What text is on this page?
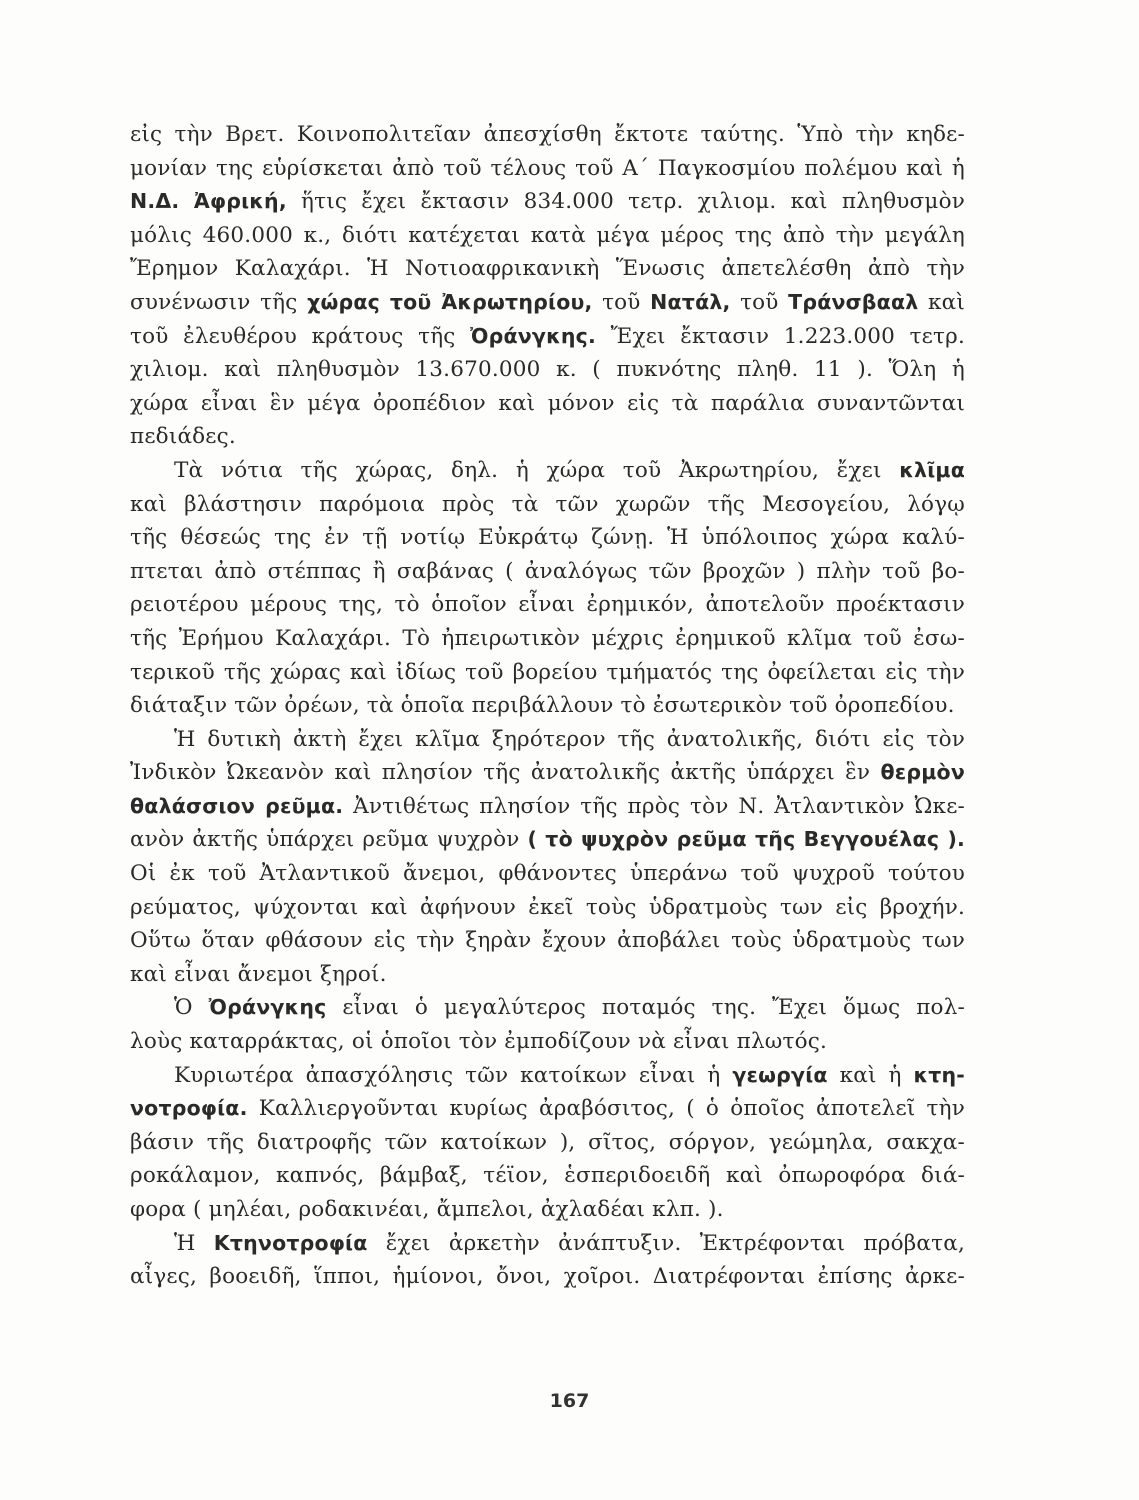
εἰς τὴν Βρετ. Κοινοπολιτεῖαν ἀπεσχίσθη ἔκτοτε ταύτης. Ὑπὸ τὴν κηδε-
μονίαν της εὑρίσκεται ἀπὸ τοῦ τέλους τοῦ Α΄ Παγκοσμίου πολέμου καὶ ἡ
Ν.Δ. Ἀφρική, ἥτις ἔχει ἔκτασιν 834.000 τετρ. χιλιομ. καὶ πληθυσμὸν
μόλις 460.000 κ., διότι κατέχεται κατὰ μέγα μέρος της ἀπὸ τὴν μεγάλη
Ἔρημον Καλαχάρι. Ἡ Νοτιοαφρικανικὴ Ἕνωσις ἀπετελέσθη ἀπὸ τὴν
συνένωσιν τῆς χώρας τοῦ Ἀκρωτηρίου, τοῦ Νατάλ, τοῦ Τράνσβααλ καὶ
τοῦ ἐλευθέρου κράτους τῆς Ὀράνγκης. Ἔχει ἔκτασιν 1.223.000 τετρ.
χιλιομ. καὶ πληθυσμὸν 13.670.000 κ. ( πυκνότης πληθ. 11 ). Ὅλη ἡ
χώρα εἶναι ἓν μέγα ὀροπέδιον καὶ μόνον εἰς τὰ παράλια συναντῶνται
πεδιάδες.
Τὰ νότια τῆς χώρας, δηλ. ἡ χώρα τοῦ Ἀκρωτηρίου, ἔχει κλῖμα
καὶ βλάστησιν παρόμοια πρὸς τὰ τῶν χωρῶν τῆς Μεσογείου, λόγῳ
τῆς θέσεώς της ἐν τῇ νοτίῳ Εὐκράτῳ ζώνῃ. Ἡ ὑπόλοιπος χώρα καλύ-
πτεται ἀπὸ στέππας ἢ σαβάνας ( ἀναλόγως τῶν βροχῶν ) πλὴν τοῦ βο-
ρειοτέρου μέρους της, τὸ ὁποῖον εἶναι ἐρημικόν, ἀποτελοῦν προέκτασιν
τῆς Ἐρήμου Καλαχάρι. Τὸ ἠπειρωτικὸν μέχρις ἐρημικοῦ κλῖμα τοῦ ἐσω-
τερικοῦ τῆς χώρας καὶ ἰδίως τοῦ βορείου τμήματός της ὀφείλεται εἰς τὴν
διάταξιν τῶν ὀρέων, τὰ ὁποῖα περιβάλλουν τὸ ἐσωτερικὸν τοῦ ὀροπεδίου.
Ἡ δυτικὴ ἀκτὴ ἔχει κλῖμα ξηρότερον τῆς ἀνατολικῆς, διότι εἰς τὸν
Ἰνδικὸν Ὠκεανὸν καὶ πλησίον τῆς ἀνατολικῆς ἀκτῆς ὑπάρχει ἓν θερμὸν
θαλάσσιον ρεῦμα. Ἀντιθέτως πλησίον τῆς πρὸς τὸν Ν. Ἀτλαντικὸν Ὠκε-
ανὸν ἀκτῆς ὑπάρχει ρεῦμα ψυχρὸν ( τὸ ψυχρὸν ρεῦμα τῆς Βεγγουέλας ).
Οἱ ἐκ τοῦ Ἀτλαντικοῦ ἄνεμοι, φθάνοντες ὑπεράνω τοῦ ψυχροῦ τούτου
ρεύματος, ψύχονται καὶ ἀφήνουν ἐκεῖ τοὺς ὑδρατμοὺς των εἰς βροχήν.
Οὕτω ὅταν φθάσουν εἰς τὴν ξηρὰν ἔχουν ἀποβάλει τοὺς ὑδρατμοὺς των
καὶ εἶναι ἄνεμοι ξηροί.
Ὁ Ὀράνγκης εἶναι ὁ μεγαλύτερος ποταμός της. Ἔχει ὅμως πολ-
λοὺς καταρράκτας, οἱ ὁποῖοι τὸν ἐμποδίζουν νὰ εἶναι πλωτός.
Κυριωτέρα ἀπασχόλησις τῶν κατοίκων εἶναι ἡ γεωργία καὶ ἡ κτη-
νοτροφία. Καλλιεργοῦνται κυρίως ἀραβόσιτος, ( ὁ ὁποῖος ἀποτελεῖ τὴν
βάσιν τῆς διατροφῆς τῶν κατοίκων ), σῖτος, σόργον, γεώμηλα, σακχα-
ροκάλαμον, καπνός, βάμβαξ, τέϊον, ἑσπεριδοειδῆ καὶ ὀπωροφόρα διά-
φορα ( μηλέαι, ροδακινέαι, ἄμπελοι, ἀχλαδέαι κλπ. ).
Ἡ Κτηνοτροφία ἔχει ἀρκετὴν ἀνάπτυξιν. Ἐκτρέφονται πρόβατα,
αἶγες, βοοειδῆ, ἵπποι, ἡμίονοι, ὄνοι, χοῖροι. Διατρέφονται ἐπίσης ἀρκε-
167
